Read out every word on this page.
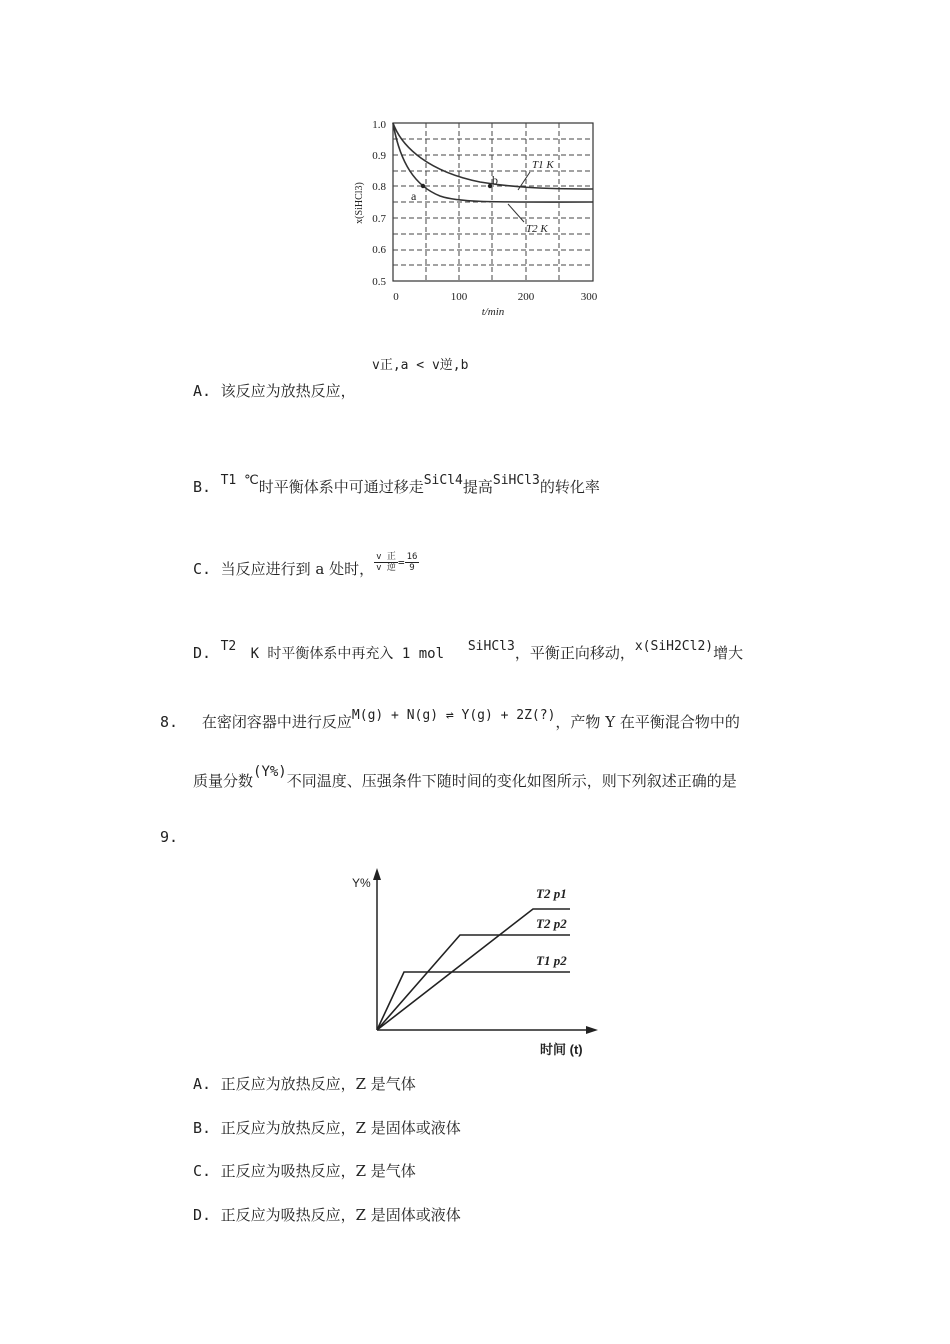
1.0
0.9
0.8
0.7
0.6
0.5
0	100	200	300
t/min
x(SiHCl3)	a
b
T1 K
T2 K
v正,a < v逆,b
A. 该反应为放热反应，
B. T1 ℃时平衡体系中可通过移走SiCl4提高SiHCl3的转化率
C. 当反应进行到 a 处时， $\frac{\text{v 正}}{\text{v 逆}} ^= \frac{16}{9}$
D. T2 K 时平衡体系中再充入 1 mol SiHCl3，平衡正向移动，x(SiH2Cl2)增大
8. 在密闭容器中进行反应M(g) + N(g) ⇌ Y(g) + 2Z(?)，产物 Y 在平衡混合物中的
质量分数(Y%)不同温度、压强条件下随时间的变化如图所示，则下列叙述正确的是
9.
Y%
时间 (t)
T2 p1
T2 p2
T1 p2
A. 正反应为放热反应，Z 是气体
B. 正反应为放热反应，Z 是固体或液体
C. 正反应为吸热反应，Z 是气体
D. 正反应为吸热反应，Z 是固体或液体
